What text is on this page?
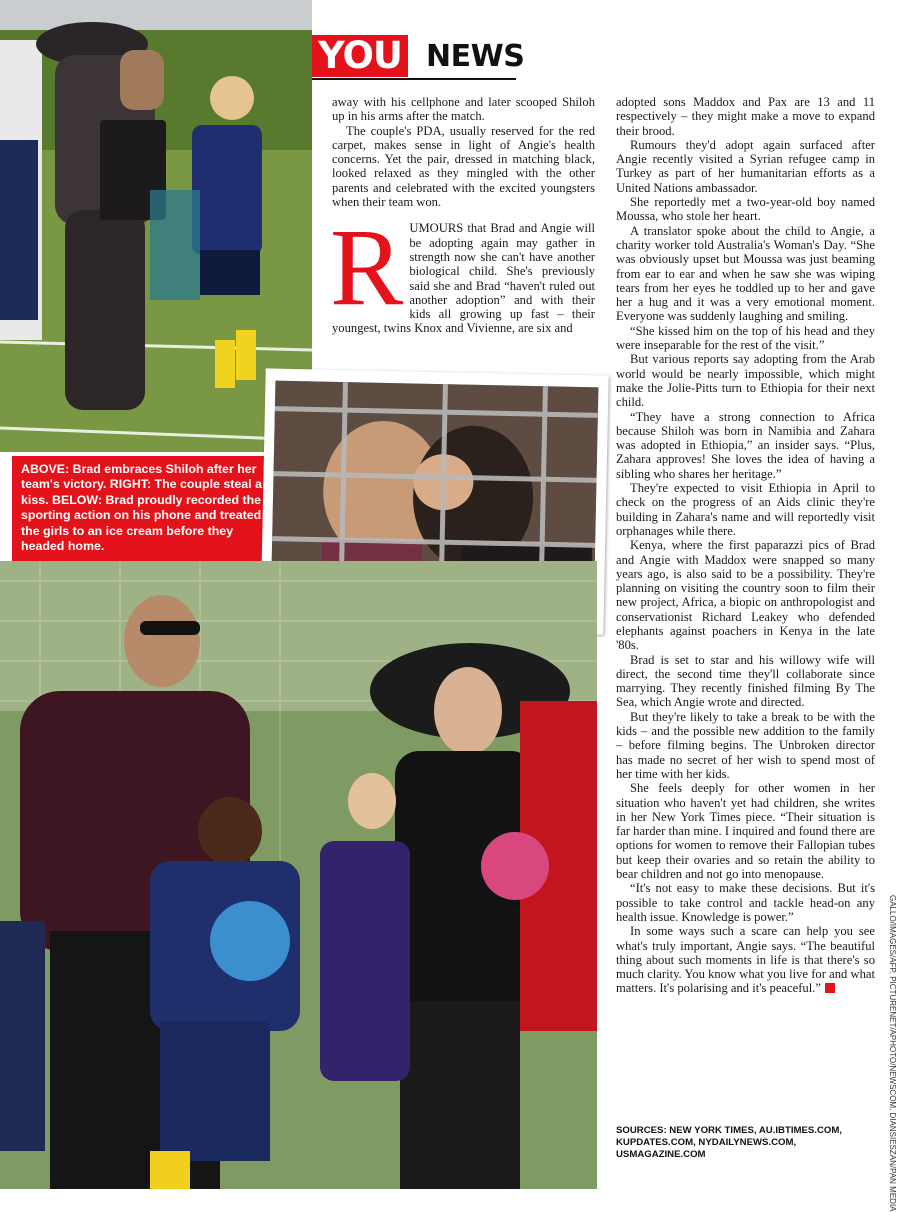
YOU NEWS
ABOVE: Brad embraces Shiloh after her team's victory. RIGHT: The couple steal a kiss. BELOW: Brad proudly recorded the sporting action on his phone and treated the girls to an ice cream before they headed home.

away with his cellphone and later scooped Shiloh up in his arms after the match.

The couple's PDA, usually reserved for the red carpet, makes sense in light of Angie's health concerns. Yet the pair, dressed in matching black, looked relaxed as they mingled with the other parents and celebrated with the excited youngsters when their team won.

R UMOURS that Brad and Angie will be adopting again may gather in strength now she can't have another biological child. She's previously said she and Brad “haven't ruled out another adoption” and with their kids all growing up fast – their youngest, twins Knox and Vivienne, are six and

adopted sons Maddox and Pax are 13 and 11 respectively – they might make a move to expand their brood.

Rumours they'd adopt again surfaced after Angie recently visited a Syrian refugee camp in Turkey as part of her humanitarian efforts as a United Nations ambassador.

She reportedly met a two-year-old boy named Moussa, who stole her heart.

A translator spoke about the child to Angie, a charity worker told Australia's Woman's Day. “She was obviously upset but Moussa was just beaming from ear to ear and when he saw she was wiping tears from her eyes he toddled up to her and gave her a hug and it was a very emotional moment. Everyone was suddenly laughing and smiling.

“She kissed him on the top of his head and they were inseparable for the rest of the visit.”

But various reports say adopting from the Arab world would be nearly impossible, which might make the Jolie-Pitts turn to Ethiopia for their next child.

“They have a strong connection to Africa because Shiloh was born in Namibia and Zahara was adopted in Ethiopia,” an insider says. “Plus, Zahara approves! She loves the idea of having a sibling who shares her heritage.”

They're expected to visit Ethiopia in April to check on the progress of an Aids clinic they're building in Zahara's name and will reportedly visit orphanages while there.

Kenya, where the first paparazzi pics of Brad and Angie with Maddox were snapped so many years ago, is also said to be a possibility. They're planning on visiting the country soon to film their new project, Africa, a biopic on anthropologist and conservationist Richard Leakey who defended elephants against poachers in Kenya in the late '80s.

Brad is set to star and his willowy wife will direct, the second time they'll collaborate since marrying. They recently finished filming By The Sea, which Angie wrote and directed.

But they're likely to take a break to be with the kids – and the possible new addition to the family – before filming begins. The Unbroken director has made no secret of her wish to spend most of her time with her kids.

She feels deeply for other women in her situation who haven't yet had children, she writes in her New York Times piece. “Their situation is far harder than mine. I inquired and found there are options for women to remove their Fallopian tubes but keep their ovaries and so retain the ability to bear children and not go into menopause.

“It's not easy to make these decisions. But it's possible to take control and tackle head-on any health issue. Knowledge is power.”

In some ways such a scare can help you see what's truly important, Angie says. “The beautiful thing about such moments in life is that there's so much clarity. You know what you live for and what matters. It's polarising and it's peaceful.”

SOURCES: NEW YORK TIMES, AU.IBTIMES.COM, KUPDATES.COM, NYDAILYNEWS.COM, USMAGAZINE.COM	GALLO/IMAGES/AFP, PICTURENET/APHOTO/NEWSCOM, DIANSIESZAN/PAN MEDIA
